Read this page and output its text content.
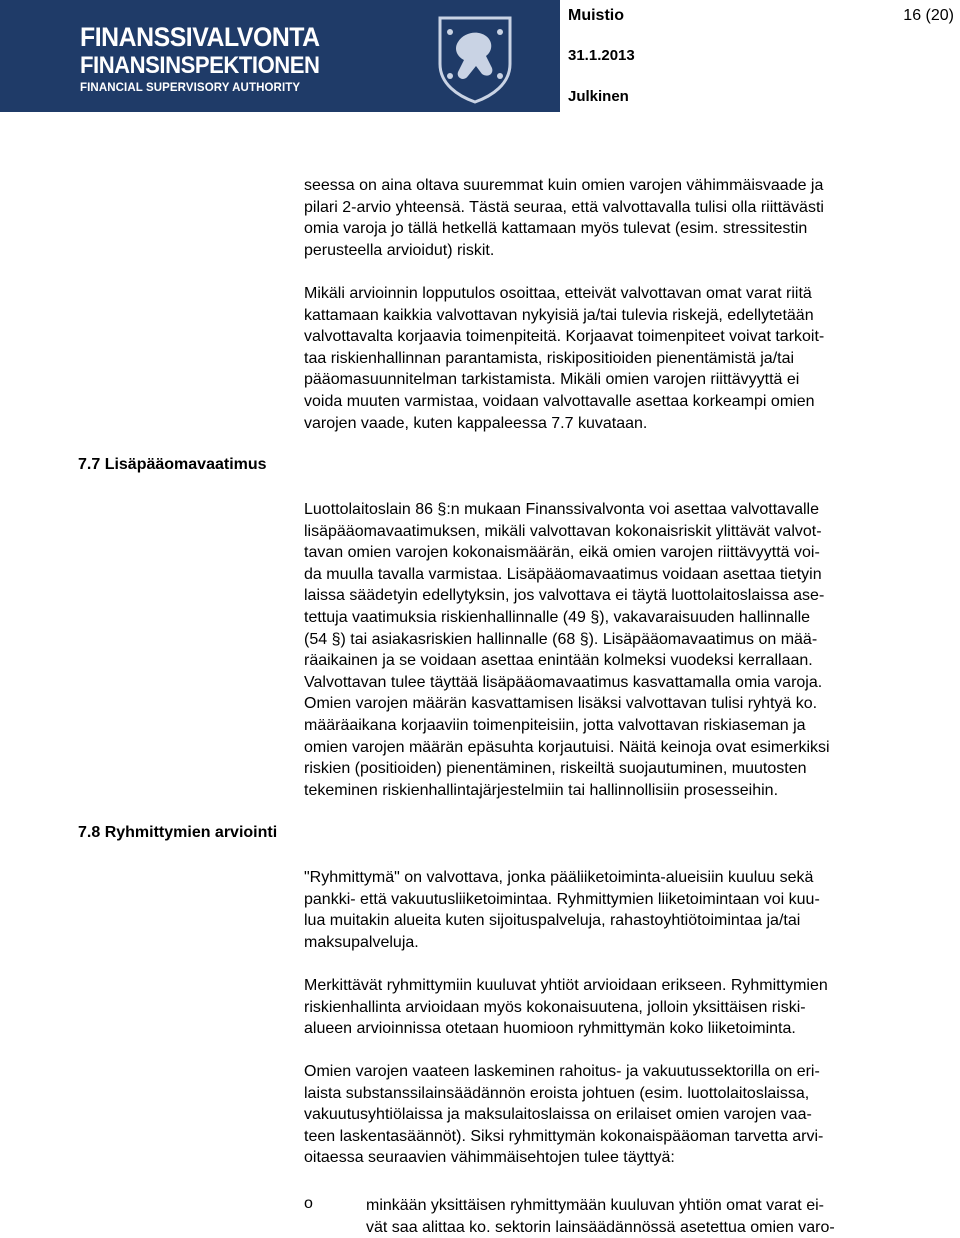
FINANSSIVALVONTA
FINANSINSPEKTIONEN
FINANCIAL SUPERVISORY AUTHORITY
Muistio	16 (20)
31.1.2013
Julkinen
7.7 Lisäpääomavaatimus
7.8 Ryhmittymien arviointi
seessa on aina oltava suuremmat kuin omien varojen vähimmäisvaade ja
pilari 2-arvio yhteensä. Tästä seuraa, että valvottavalla tulisi olla riittävästi
omia varoja jo tällä hetkellä kattamaan myös tulevat (esim. stressitestin
perusteella arvioidut) riskit.
Mikäli arvioinnin lopputulos osoittaa, etteivät valvottavan omat varat riitä
kattamaan kaikkia valvottavan nykyisiä ja/tai tulevia riskejä, edellytetään
valvottavalta korjaavia toimenpiteitä. Korjaavat toimenpiteet voivat tarkoit-
taa riskienhallinnan parantamista, riskipositioiden pienentämistä ja/tai
pääomasuunnitelman tarkistamista. Mikäli omien varojen riittävyyttä ei
voida muuten varmistaa, voidaan valvottavalle asettaa korkeampi omien
varojen vaade, kuten kappaleessa 7.7 kuvataan.
Luottolaitoslain 86 §:n mukaan Finanssivalvonta voi asettaa valvottavalle
lisäpääomavaatimuksen, mikäli valvottavan kokonaisriskit ylittävät valvot-
tavan omien varojen kokonaismäärän, eikä omien varojen riittävyyttä voi-
da muulla tavalla varmistaa. Lisäpääomavaatimus voidaan asettaa tietyin
laissa säädetyin edellytyksin, jos valvottava ei täytä luottolaitoslaissa ase-
tettuja vaatimuksia riskienhallinnalle (49 §), vakavaraisuuden hallinnalle
(54 §) tai asiakasriskien hallinnalle (68 §). Lisäpääomavaatimus on mää-
räaikainen ja se voidaan asettaa enintään kolmeksi vuodeksi kerrallaan.
Valvottavan tulee täyttää lisäpääomavaatimus kasvattamalla omia varoja.
Omien varojen määrän kasvattamisen lisäksi valvottavan tulisi ryhtyä ko.
määräaikana korjaaviin toimenpiteisiin, jotta valvottavan riskiaseman ja
omien varojen määrän epäsuhta korjautuisi. Näitä keinoja ovat esimerkiksi
riskien (positioiden) pienentäminen, riskeiltä suojautuminen, muutosten
tekeminen riskienhallintajärjestelmiin tai hallinnollisiin prosesseihin.
"Ryhmittymä" on valvottava, jonka pääliiketoiminta-alueisiin kuuluu sekä
pankki- että vakuutusliiketoimintaa. Ryhmittymien liiketoimintaan voi kuu-
lua muitakin alueita kuten sijoituspalveluja, rahastoyhtiötoimintaa ja/tai
maksupalveluja.
Merkittävät ryhmittymiin kuuluvat yhtiöt arvioidaan erikseen. Ryhmittymien
riskienhallinta arvioidaan myös kokonaisuutena, jolloin yksittäisen riski-
alueen arvioinnissa otetaan huomioon ryhmittymän koko liiketoiminta.
Omien varojen vaateen laskeminen rahoitus- ja vakuutussektorilla on eri-
laista substanssilainsäädännön eroista johtuen (esim. luottolaitoslaissa,
vakuutusyhtiölaissa ja maksulaitoslaissa on erilaiset omien varojen vaa-
teen laskentasäännöt). Siksi ryhmittymän kokonaispääoman tarvetta arvi-
oitaessa seuraavien vähimmäisehtojen tulee täyttyä:
o	minkään yksittäisen ryhmittymään kuuluvan yhtiön omat varat ei-
vät saa alittaa ko. sektorin lainsäädännössä asetettua omien varo-
